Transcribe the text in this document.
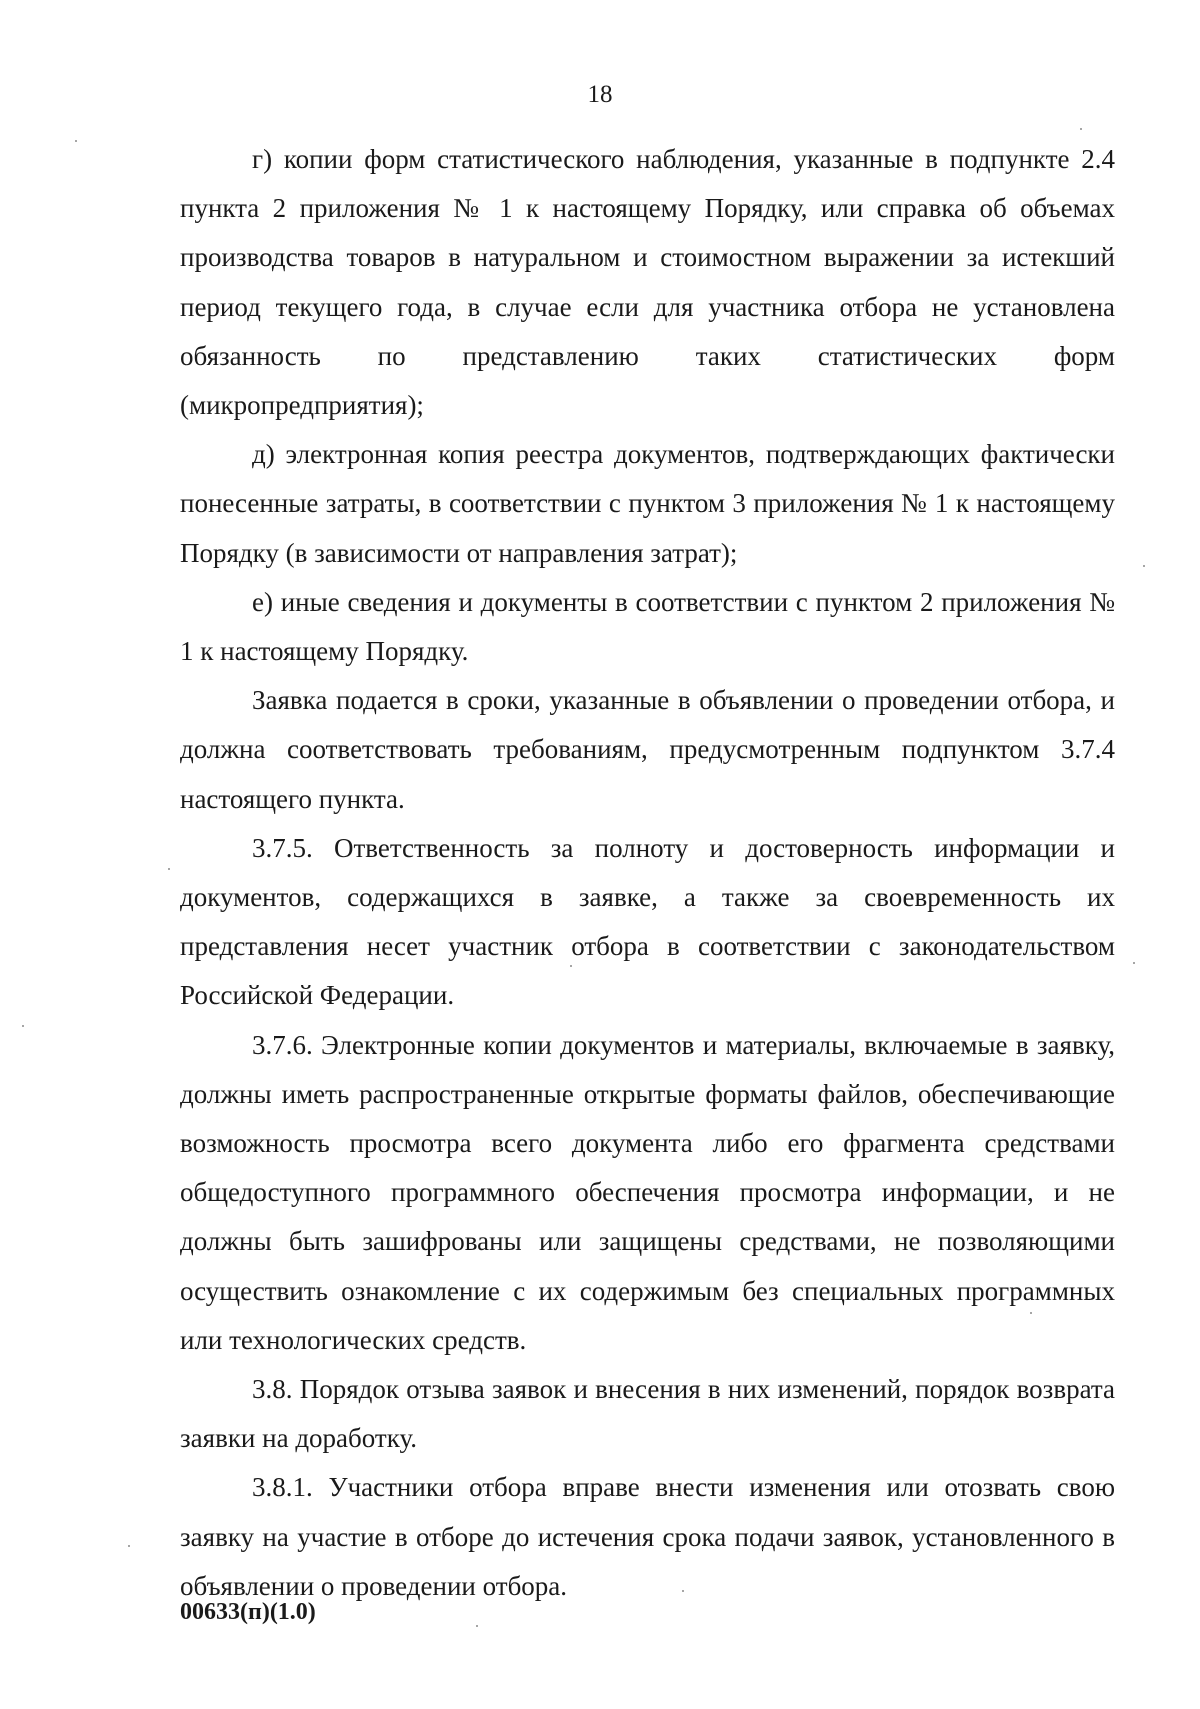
18

г) копии форм статистического наблюдения, указанные в подпункте 2.4 пункта 2 приложения № 1 к настоящему Порядку, или справка об объемах производства товаров в натуральном и стоимостном выражении за истекший период текущего года, в случае если для участника отбора не установлена обязанность по представлению таких статистических форм (микропредприятия);

д) электронная копия реестра документов, подтверждающих фактически понесенные затраты, в соответствии с пунктом 3 приложения № 1 к настоящему Порядку (в зависимости от направления затрат);

е) иные сведения и документы в соответствии с пунктом 2 приложения № 1 к настоящему Порядку.

Заявка подается в сроки, указанные в объявлении о проведении отбора, и должна соответствовать требованиям, предусмотренным подпунктом 3.7.4 настоящего пункта.

3.7.5. Ответственность за полноту и достоверность информации и документов, содержащихся в заявке, а также за своевременность их представления несет участник отбора в соответствии с законодательством Российской Федерации.

3.7.6. Электронные копии документов и материалы, включаемые в заявку, должны иметь распространенные открытые форматы файлов, обеспечивающие возможность просмотра всего документа либо его фрагмента средствами общедоступного программного обеспечения просмотра информации, и не должны быть зашифрованы или защищены средствами, не позволяющими осуществить ознакомление с их содержимым без специальных программных или технологических средств.

3.8. Порядок отзыва заявок и внесения в них изменений, порядок возврата заявки на доработку.

3.8.1. Участники отбора вправе внести изменения или отозвать свою заявку на участие в отборе до истечения срока подачи заявок, установленного в объявлении о проведении отбора.

00633(п)(1.0)
